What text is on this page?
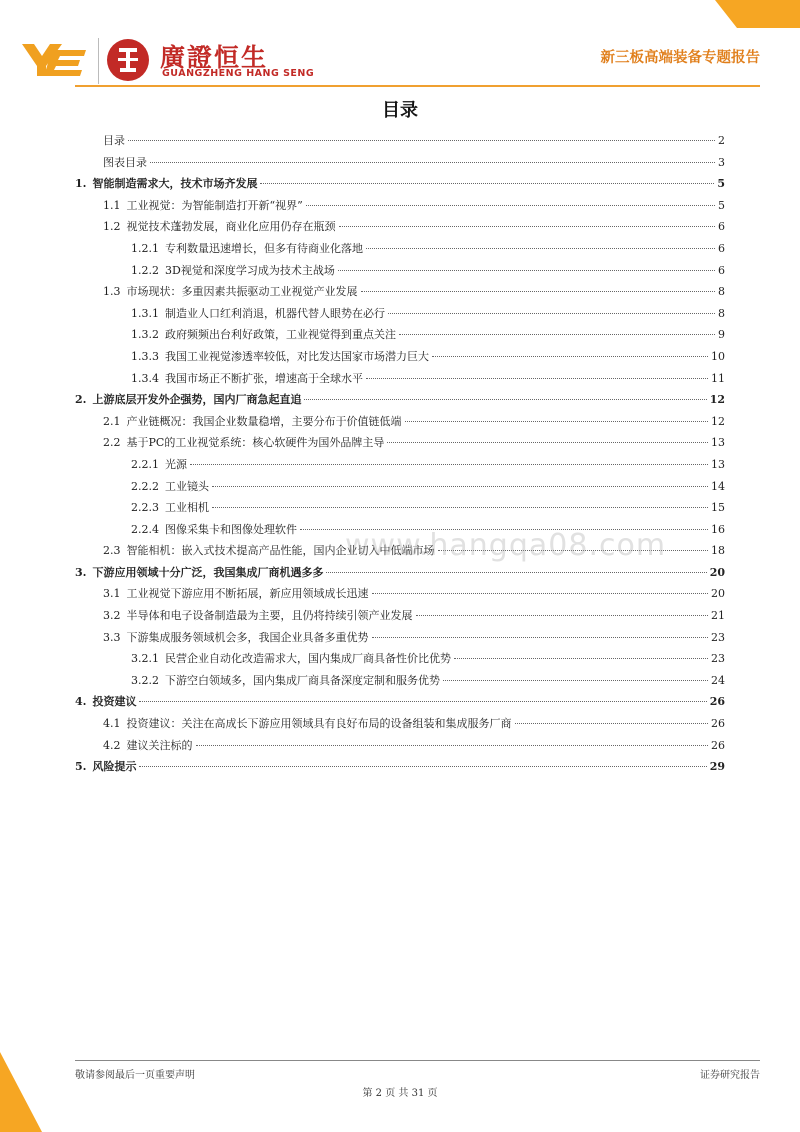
廣證恒生
GUANGZHENG HANG SENG
新三板高端装备专题报告
目录
目录	2
图表目录	3
1. 智能制造需求大，技术市场齐发展	5
1.1 工业视觉：为智能制造打开新“视界”	5
1.2 视觉技术蓬勃发展，商业化应用仍存在瓶颈	6
1.2.1 专利数量迅速增长，但多有待商业化落地	6
1.2.2 3D视觉和深度学习成为技术主战场	6
1.3 市场现状：多重因素共振驱动工业视觉产业发展	8
1.3.1 制造业人口红利消退，机器代替人眼势在必行	8
1.3.2 政府频频出台利好政策，工业视觉得到重点关注	9
1.3.3 我国工业视觉渗透率较低，对比发达国家市场潜力巨大	10
1.3.4 我国市场正不断扩张，增速高于全球水平	11
2. 上游底层开发外企强势，国内厂商急起直追	12
2.1 产业链概况：我国企业数量稳增，主要分布于价值链低端	12
2.2 基于PC的工业视觉系统：核心软硬件为国外品牌主导	13
2.2.1 光源	13
2.2.2 工业镜头	14
2.2.3 工业相机	15
2.2.4 图像采集卡和图像处理软件	16
2.3 智能相机：嵌入式技术提高产品性能，国内企业切入中低端市场	18
3. 下游应用领域十分广泛，我国集成厂商机遇多多	20
3.1 工业视觉下游应用不断拓展，新应用领域成长迅速	20
3.2 半导体和电子设备制造最为主要，且仍将持续引领产业发展	21
3.3 下游集成服务领域机会多，我国企业具备多重优势	23
3.2.1 民营企业自动化改造需求大，国内集成厂商具备性价比优势	23
3.2.2 下游空白领域多，国内集成厂商具备深度定制和服务优势	24
4. 投资建议	26
4.1 投资建议：关注在高成长下游应用领域具有良好布局的设备组装和集成服务厂商	26
4.2 建议关注标的	26
5. 风险提示	29
www.hangqa08.com
敬请参阅最后一页重要声明	证券研究报告
第 2 页 共 31 页
